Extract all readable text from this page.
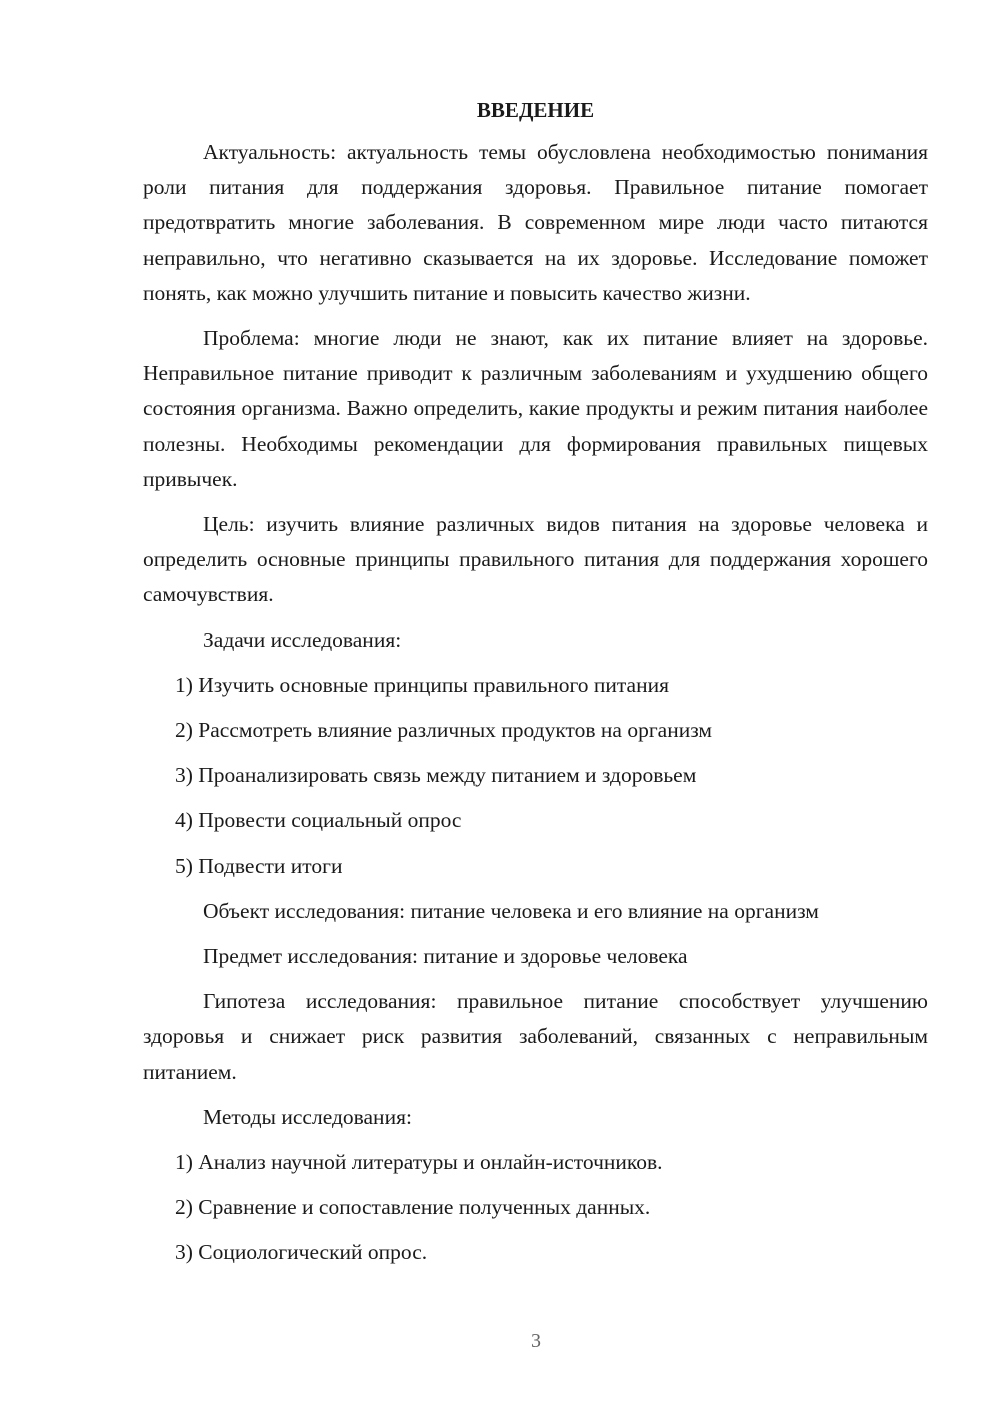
ВВЕДЕНИЕ

Актуальность: актуальность темы обусловлена необходимостью понимания роли питания для поддержания здоровья. Правильное питание помогает предотвратить многие заболевания. В современном мире люди часто питаются неправильно, что негативно сказывается на их здоровье. Исследование поможет понять, как можно улучшить питание и повысить качество жизни.

Проблема: многие люди не знают, как их питание влияет на здоровье. Неправильное питание приводит к различным заболеваниям и ухудшению общего состояния организма. Важно определить, какие продукты и режим питания наиболее полезны. Необходимы рекомендации для формирования правильных пищевых привычек.

Цель: изучить влияние различных видов питания на здоровье человека и определить основные принципы правильного питания для поддержания хорошего самочувствия.

Задачи исследования:
1) Изучить основные принципы правильного питания
2) Рассмотреть влияние различных продуктов на организм
3) Проанализировать связь между питанием и здоровьем
4) Провести социальный опрос
5) Подвести итоги
Объект исследования: питание человека и его влияние на организм
Предмет исследования: питание и здоровье человека

Гипотеза исследования: правильное питание способствует улучшению здоровья и снижает риск развития заболеваний, связанных с неправильным питанием.

Методы исследования:
1) Анализ научной литературы и онлайн-источников.
2) Сравнение и сопоставление полученных данных.
3) Социологический опрос.
3
